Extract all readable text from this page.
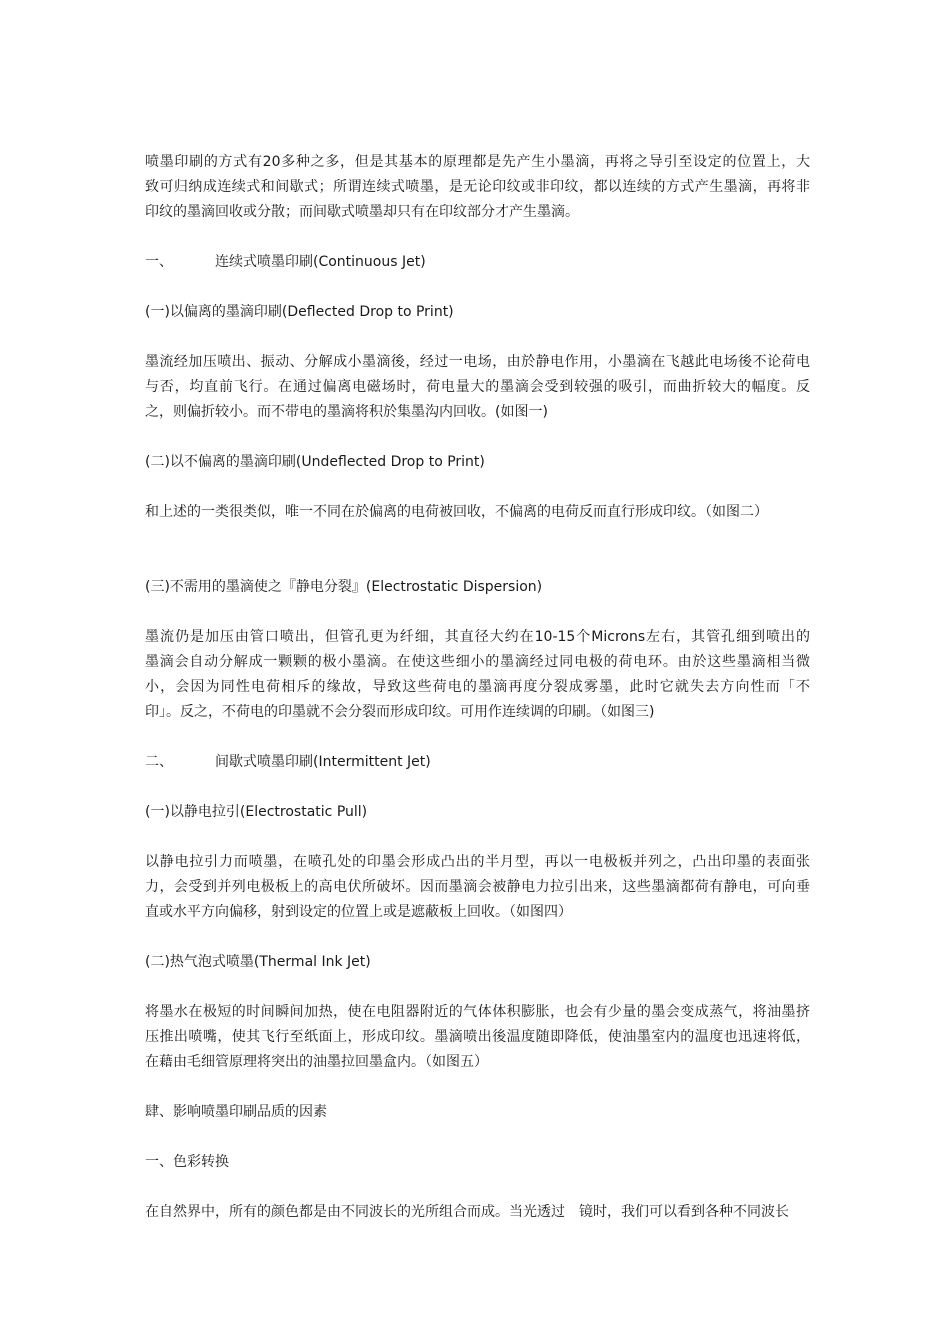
喷墨印刷的方式有20多种之多，但是其基本的原理都是先产生小墨滴，再将之导引至设定的位置上，大
致可归纳成连续式和间歇式；所谓连续式喷墨，是无论印纹或非印纹，都以连续的方式产生墨滴，再将非
印纹的墨滴回收或分散；而间歇式喷墨却只有在印纹部分才产生墨滴。

一、	连续式喷墨印刷(Continuous Jet)

(一)以偏离的墨滴印刷(Deflected Drop to Print)

墨流经加压喷出、振动、分解成小墨滴後，经过一电场，由於静电作用，小墨滴在飞越此电场後不论荷电
与否，均直前飞行。在通过偏离电磁场时，荷电量大的墨滴会受到较强的吸引，而曲折较大的幅度。反
之，则偏折较小。而不带电的墨滴将积於集墨沟内回收。(如图一)

(二)以不偏离的墨滴印刷(Undeflected Drop to Print)

和上述的一类很类似，唯一不同在於偏离的电荷被回收，不偏离的电荷反而直行形成印纹。（如图二）

(三)不需用的墨滴使之『静电分裂』(Electrostatic Dispersion)

墨流仍是加压由管口喷出，但管孔更为纤细，其直径大约在10-15个Microns左右，其管孔细到喷出的
墨滴会自动分解成一颗颗的极小墨滴。在使这些细小的墨滴经过同电极的荷电环。由於这些墨滴相当微
小，会因为同性电荷相斥的缘故，导致这些荷电的墨滴再度分裂成雾墨，此时它就失去方向性而「不
印」。反之，不荷电的印墨就不会分裂而形成印纹。可用作连续调的印刷。（如图三)

二、	间歇式喷墨印刷(Intermittent Jet)

(一)以静电拉引(Electrostatic Pull)

以静电拉引力而喷墨，在喷孔处的印墨会形成凸出的半月型，再以一电极板并列之，凸出印墨的表面张
力，会受到并列电极板上的高电伏所破坏。因而墨滴会被静电力拉引出来，这些墨滴都荷有静电，可向垂
直或水平方向偏移，射到设定的位置上或是遮蔽板上回收。（如图四）

(二)热气泡式喷墨(Thermal Ink Jet)

将墨水在极短的时间瞬间加热，使在电阻器附近的气体体积膨胀，也会有少量的墨会变成蒸气，将油墨挤
压推出喷嘴，使其飞行至纸面上，形成印纹。墨滴喷出後温度随即降低，使油墨室内的温度也迅速将低，
在藉由毛细管原理将突出的油墨拉回墨盒内。（如图五）

肆、影响喷墨印刷品质的因素

一、色彩转换

在自然界中，所有的颜色都是由不同波长的光所组合而成。当光透过　镜时，我们可以看到各种不同波长
